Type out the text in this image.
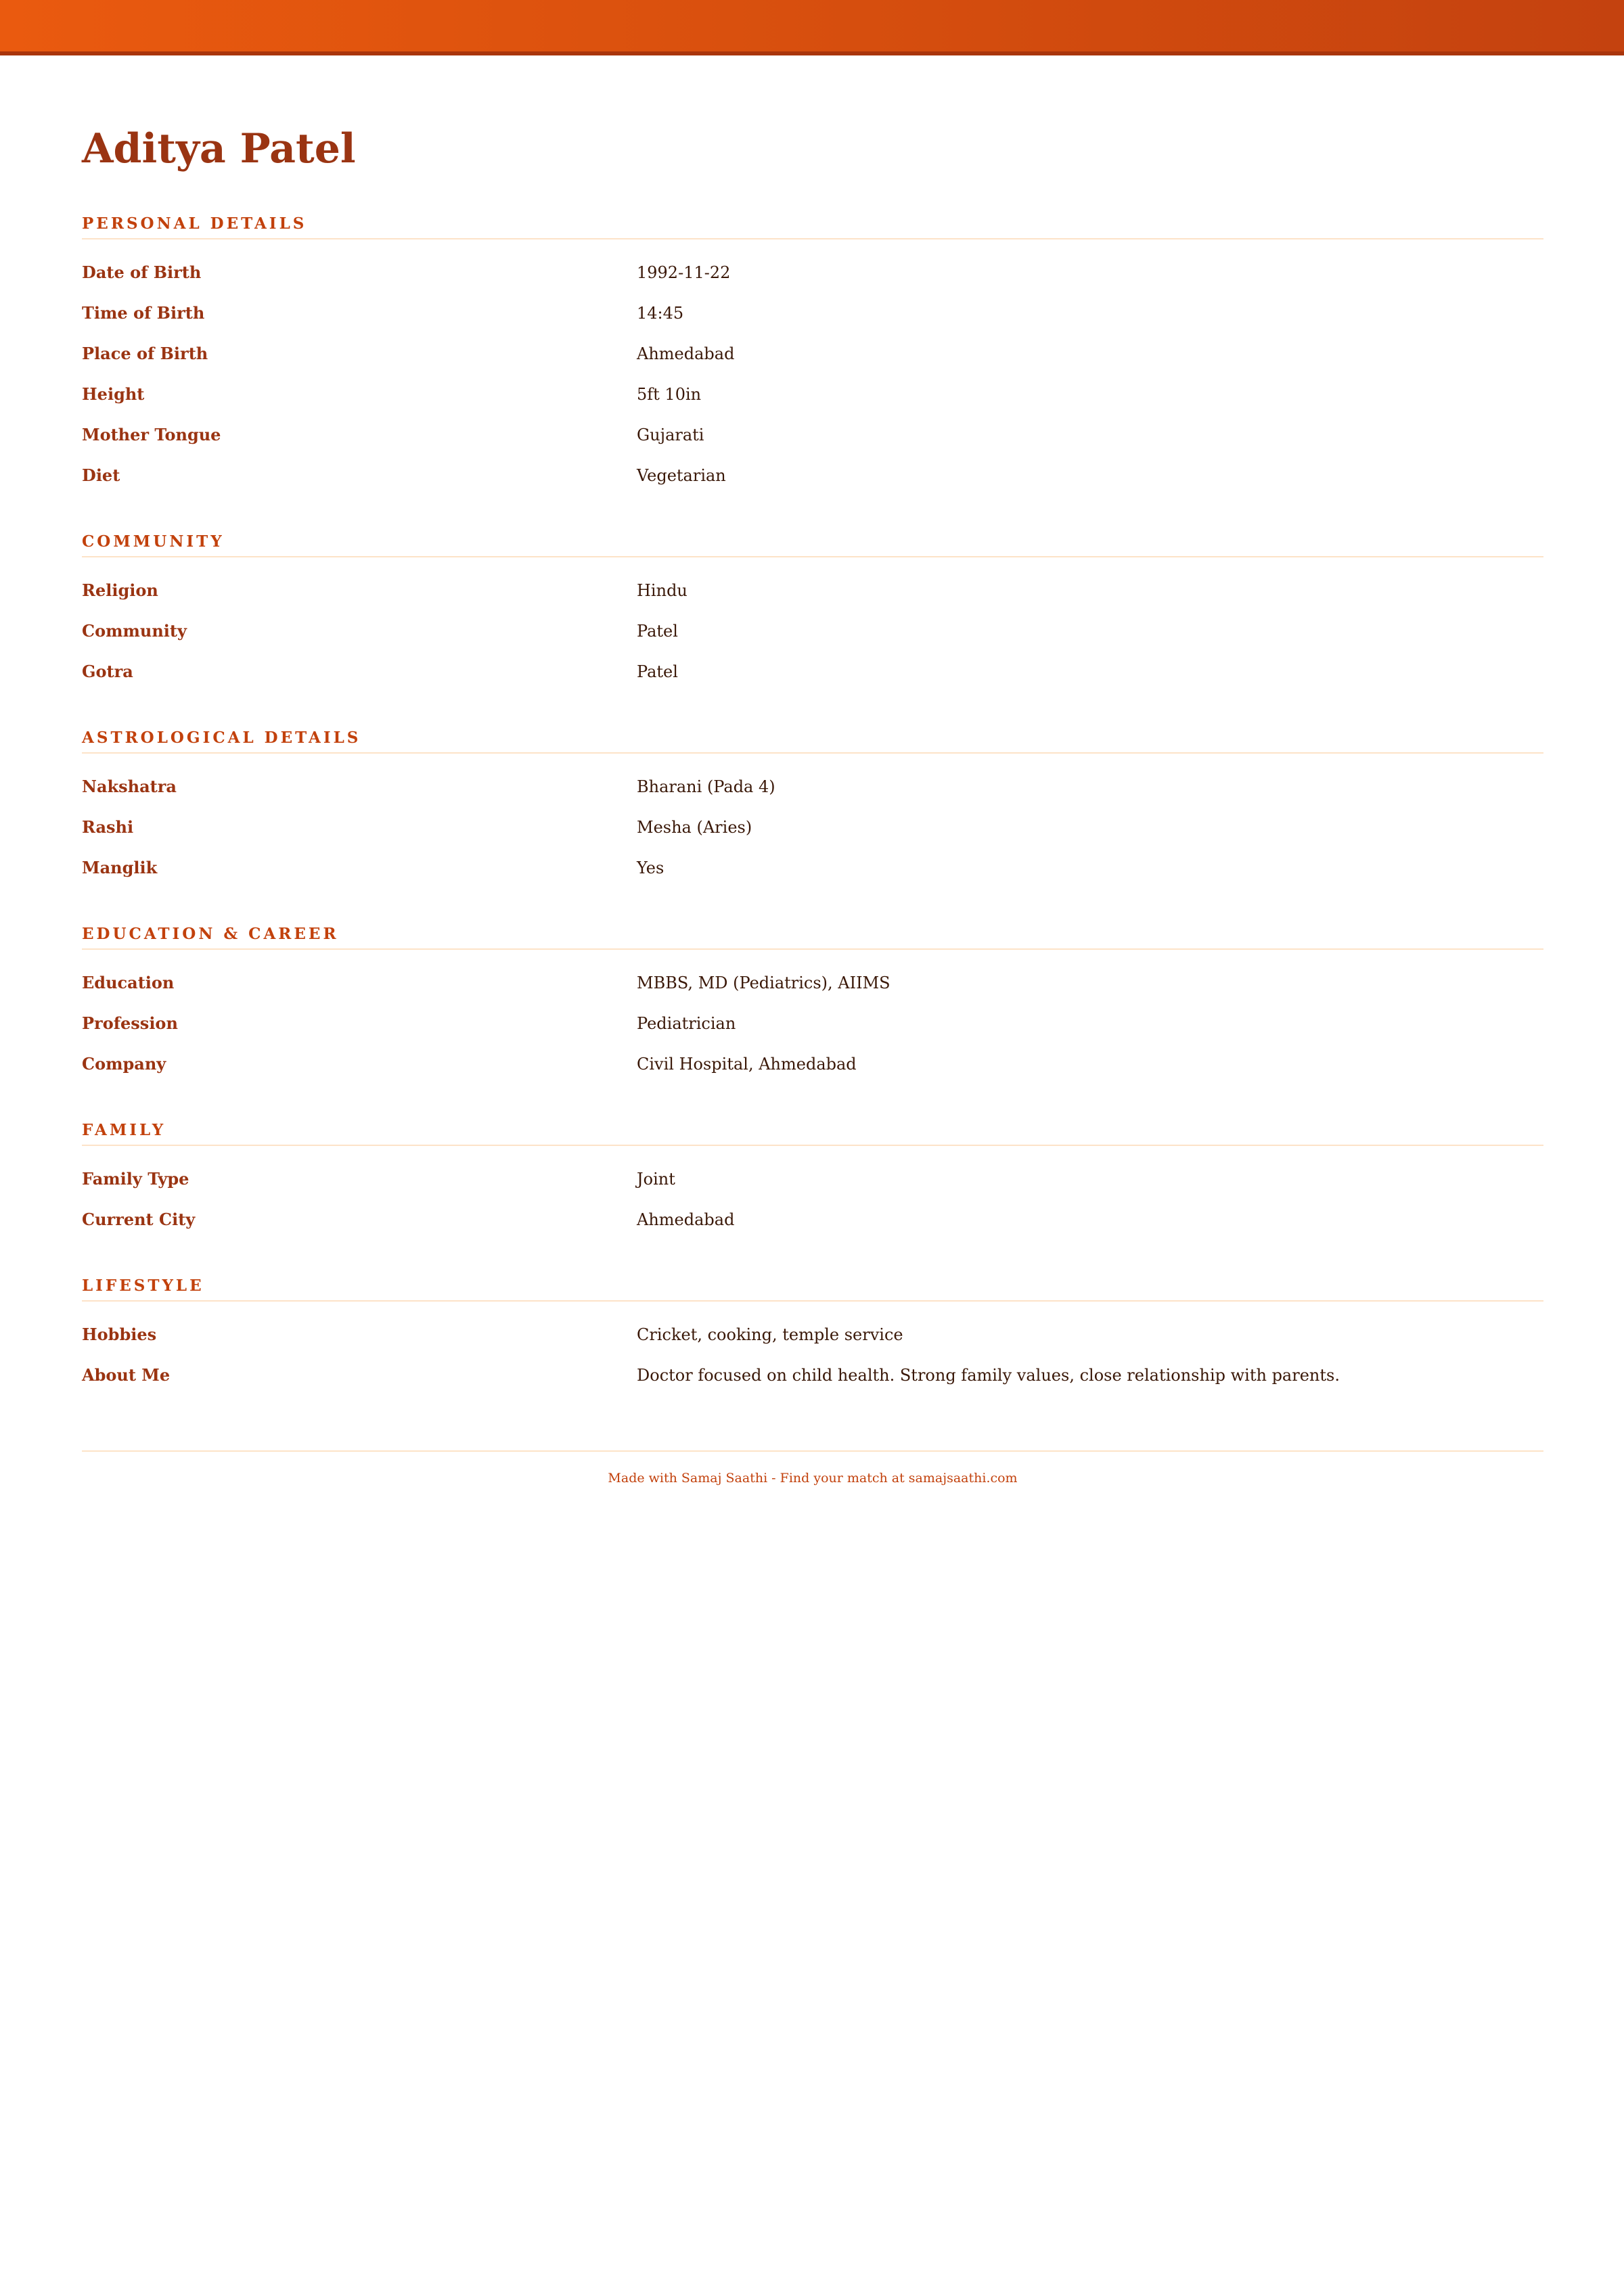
Aditya Patel
PERSONAL DETAILS
Date of Birth	1992-11-22
Time of Birth	14:45
Place of Birth	Ahmedabad
Height	5ft 10in
Mother Tongue	Gujarati
Diet	Vegetarian
COMMUNITY
Religion	Hindu
Community	Patel
Gotra	Patel
ASTROLOGICAL DETAILS
Nakshatra	Bharani (Pada 4)
Rashi	Mesha (Aries)
Manglik	Yes
EDUCATION & CAREER
Education	MBBS, MD (Pediatrics), AIIMS
Profession	Pediatrician
Company	Civil Hospital, Ahmedabad
FAMILY
Family Type	Joint
Current City	Ahmedabad
LIFESTYLE
Hobbies	Cricket, cooking, temple service
About Me	Doctor focused on child health. Strong family values, close relationship with parents.
Made with Samaj Saathi - Find your match at samajsaathi.com
